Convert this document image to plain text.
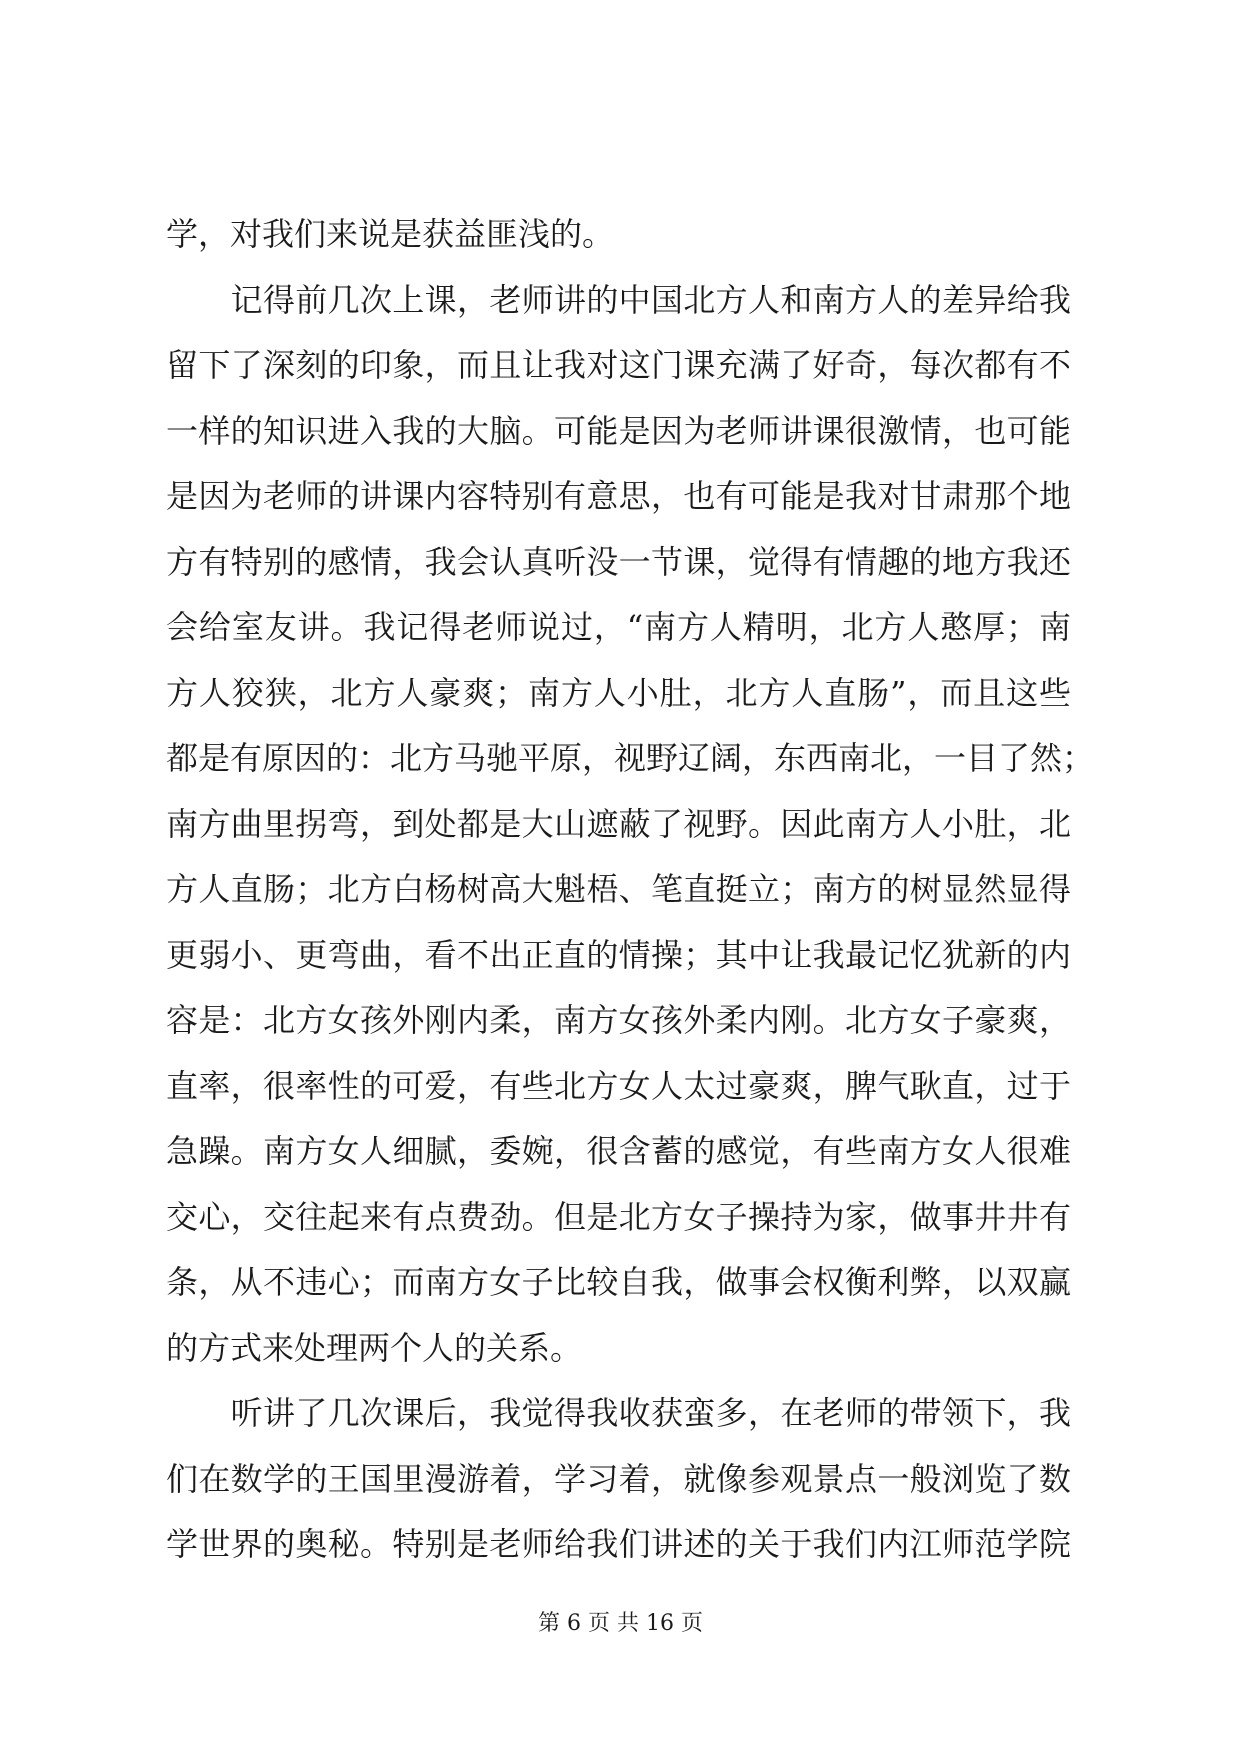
学，对我们来说是获益匪浅的。
　　记得前几次上课，老师讲的中国北方人和南方人的差异给我
留下了深刻的印象，而且让我对这门课充满了好奇，每次都有不
一样的知识进入我的大脑。可能是因为老师讲课很激情，也可能
是因为老师的讲课内容特别有意思，也有可能是我对甘肃那个地
方有特别的感情，我会认真听没一节课，觉得有情趣的地方我还
会给室友讲。我记得老师说过，“南方人精明，北方人憨厚；南
方人狡狭，北方人豪爽；南方人小肚，北方人直肠”，而且这些
都是有原因的：北方马驰平原，视野辽阔，东西南北，一目了然；
南方曲里拐弯，到处都是大山遮蔽了视野。因此南方人小肚，北
方人直肠；北方白杨树高大魁梧、笔直挺立；南方的树显然显得
更弱小、更弯曲，看不出正直的情操；其中让我最记忆犹新的内
容是：北方女孩外刚内柔，南方女孩外柔内刚。北方女子豪爽，
直率，很率性的可爱，有些北方女人太过豪爽，脾气耿直，过于
急躁。南方女人细腻，委婉，很含蓄的感觉，有些南方女人很难
交心，交往起来有点费劲。但是北方女子操持为家，做事井井有
条，从不违心；而南方女子比较自我，做事会权衡利弊，以双赢
的方式来处理两个人的关系。
　　听讲了几次课后，我觉得我收获蛮多，在老师的带领下，我
们在数学的王国里漫游着，学习着，就像参观景点一般浏览了数
学世界的奥秘。特别是老师给我们讲述的关于我们内江师范学院
第 6 页 共 16 页
